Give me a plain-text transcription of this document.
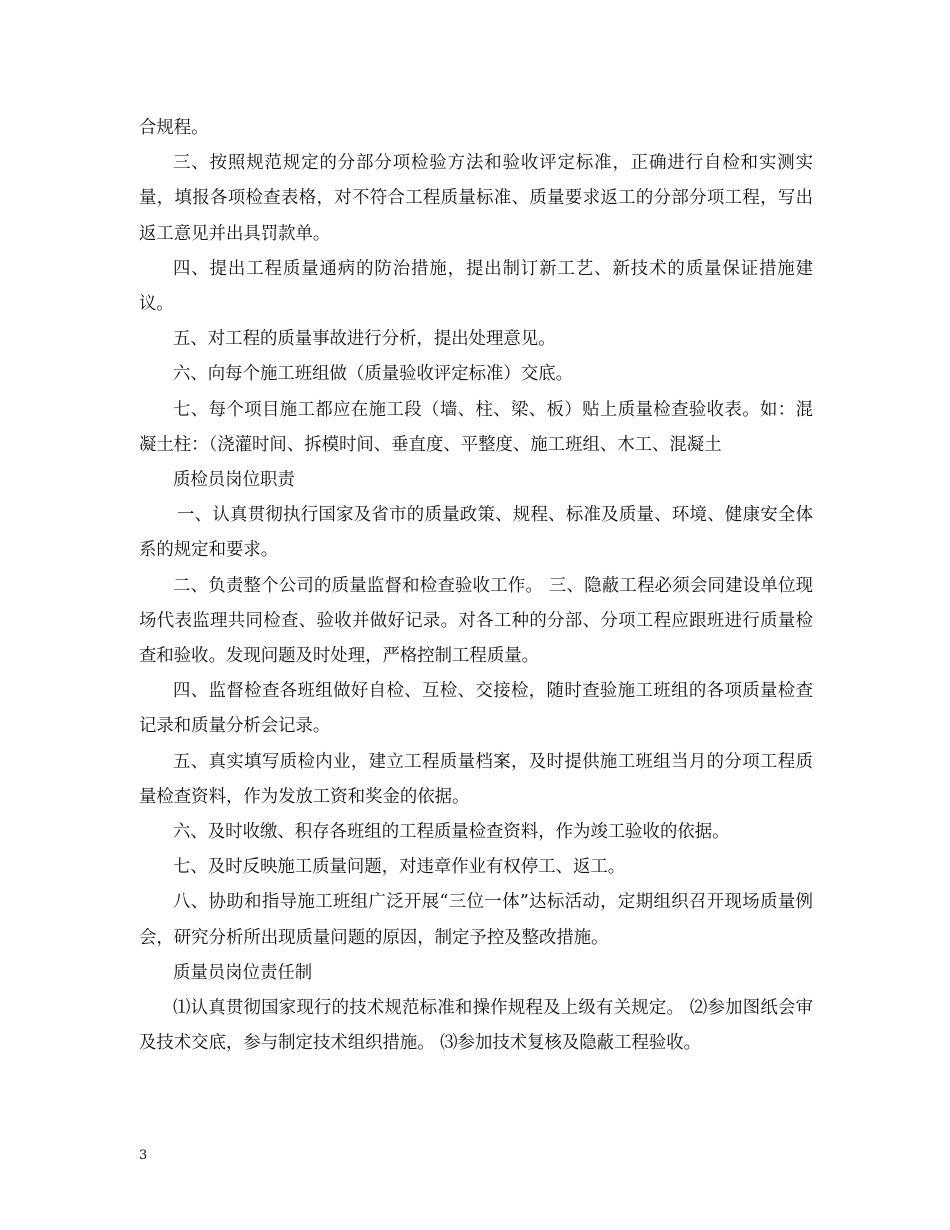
合规程。

三、按照规范规定的分部分项检验方法和验收评定标准，正确进行自检和实测实量，填报各项检查表格，对不符合工程质量标准、质量要求返工的分部分项工程，写出返工意见并出具罚款单。

四、提出工程质量通病的防治措施，提出制订新工艺、新技术的质量保证措施建议。

五、对工程的质量事故进行分析，提出处理意见。

六、向每个施工班组做（质量验收评定标准）交底。

七、每个项目施工都应在施工段（墙、柱、梁、板）贴上质量检查验收表。如：混凝土柱：（浇灌时间、拆模时间、垂直度、平整度、施工班组、木工、混凝土

质检员岗位职责

一、认真贯彻执行国家及省市的质量政策、规程、标准及质量、环境、健康安全体系的规定和要求。

二、负责整个公司的质量监督和检查验收工作。 三、隐蔽工程必须会同建设单位现场代表监理共同检查、验收并做好记录。对各工种的分部、分项工程应跟班进行质量检查和验收。发现问题及时处理，严格控制工程质量。

四、监督检查各班组做好自检、互检、交接检，随时查验施工班组的各项质量检查记录和质量分析会记录。

五、真实填写质检内业，建立工程质量档案，及时提供施工班组当月的分项工程质量检查资料，作为发放工资和奖金的依据。

六、及时收缴、积存各班组的工程质量检查资料，作为竣工验收的依据。

七、及时反映施工质量问题，对违章作业有权停工、返工。

八、协助和指导施工班组广泛开展“三位一体”达标活动，定期组织召开现场质量例会，研究分析所出现质量问题的原因，制定予控及整改措施。

质量员岗位责任制

⑴认真贯彻国家现行的技术规范标准和操作规程及上级有关规定。 ⑵参加图纸会审及技术交底，参与制定技术组织措施。 ⑶参加技术复核及隐蔽工程验收。

3
